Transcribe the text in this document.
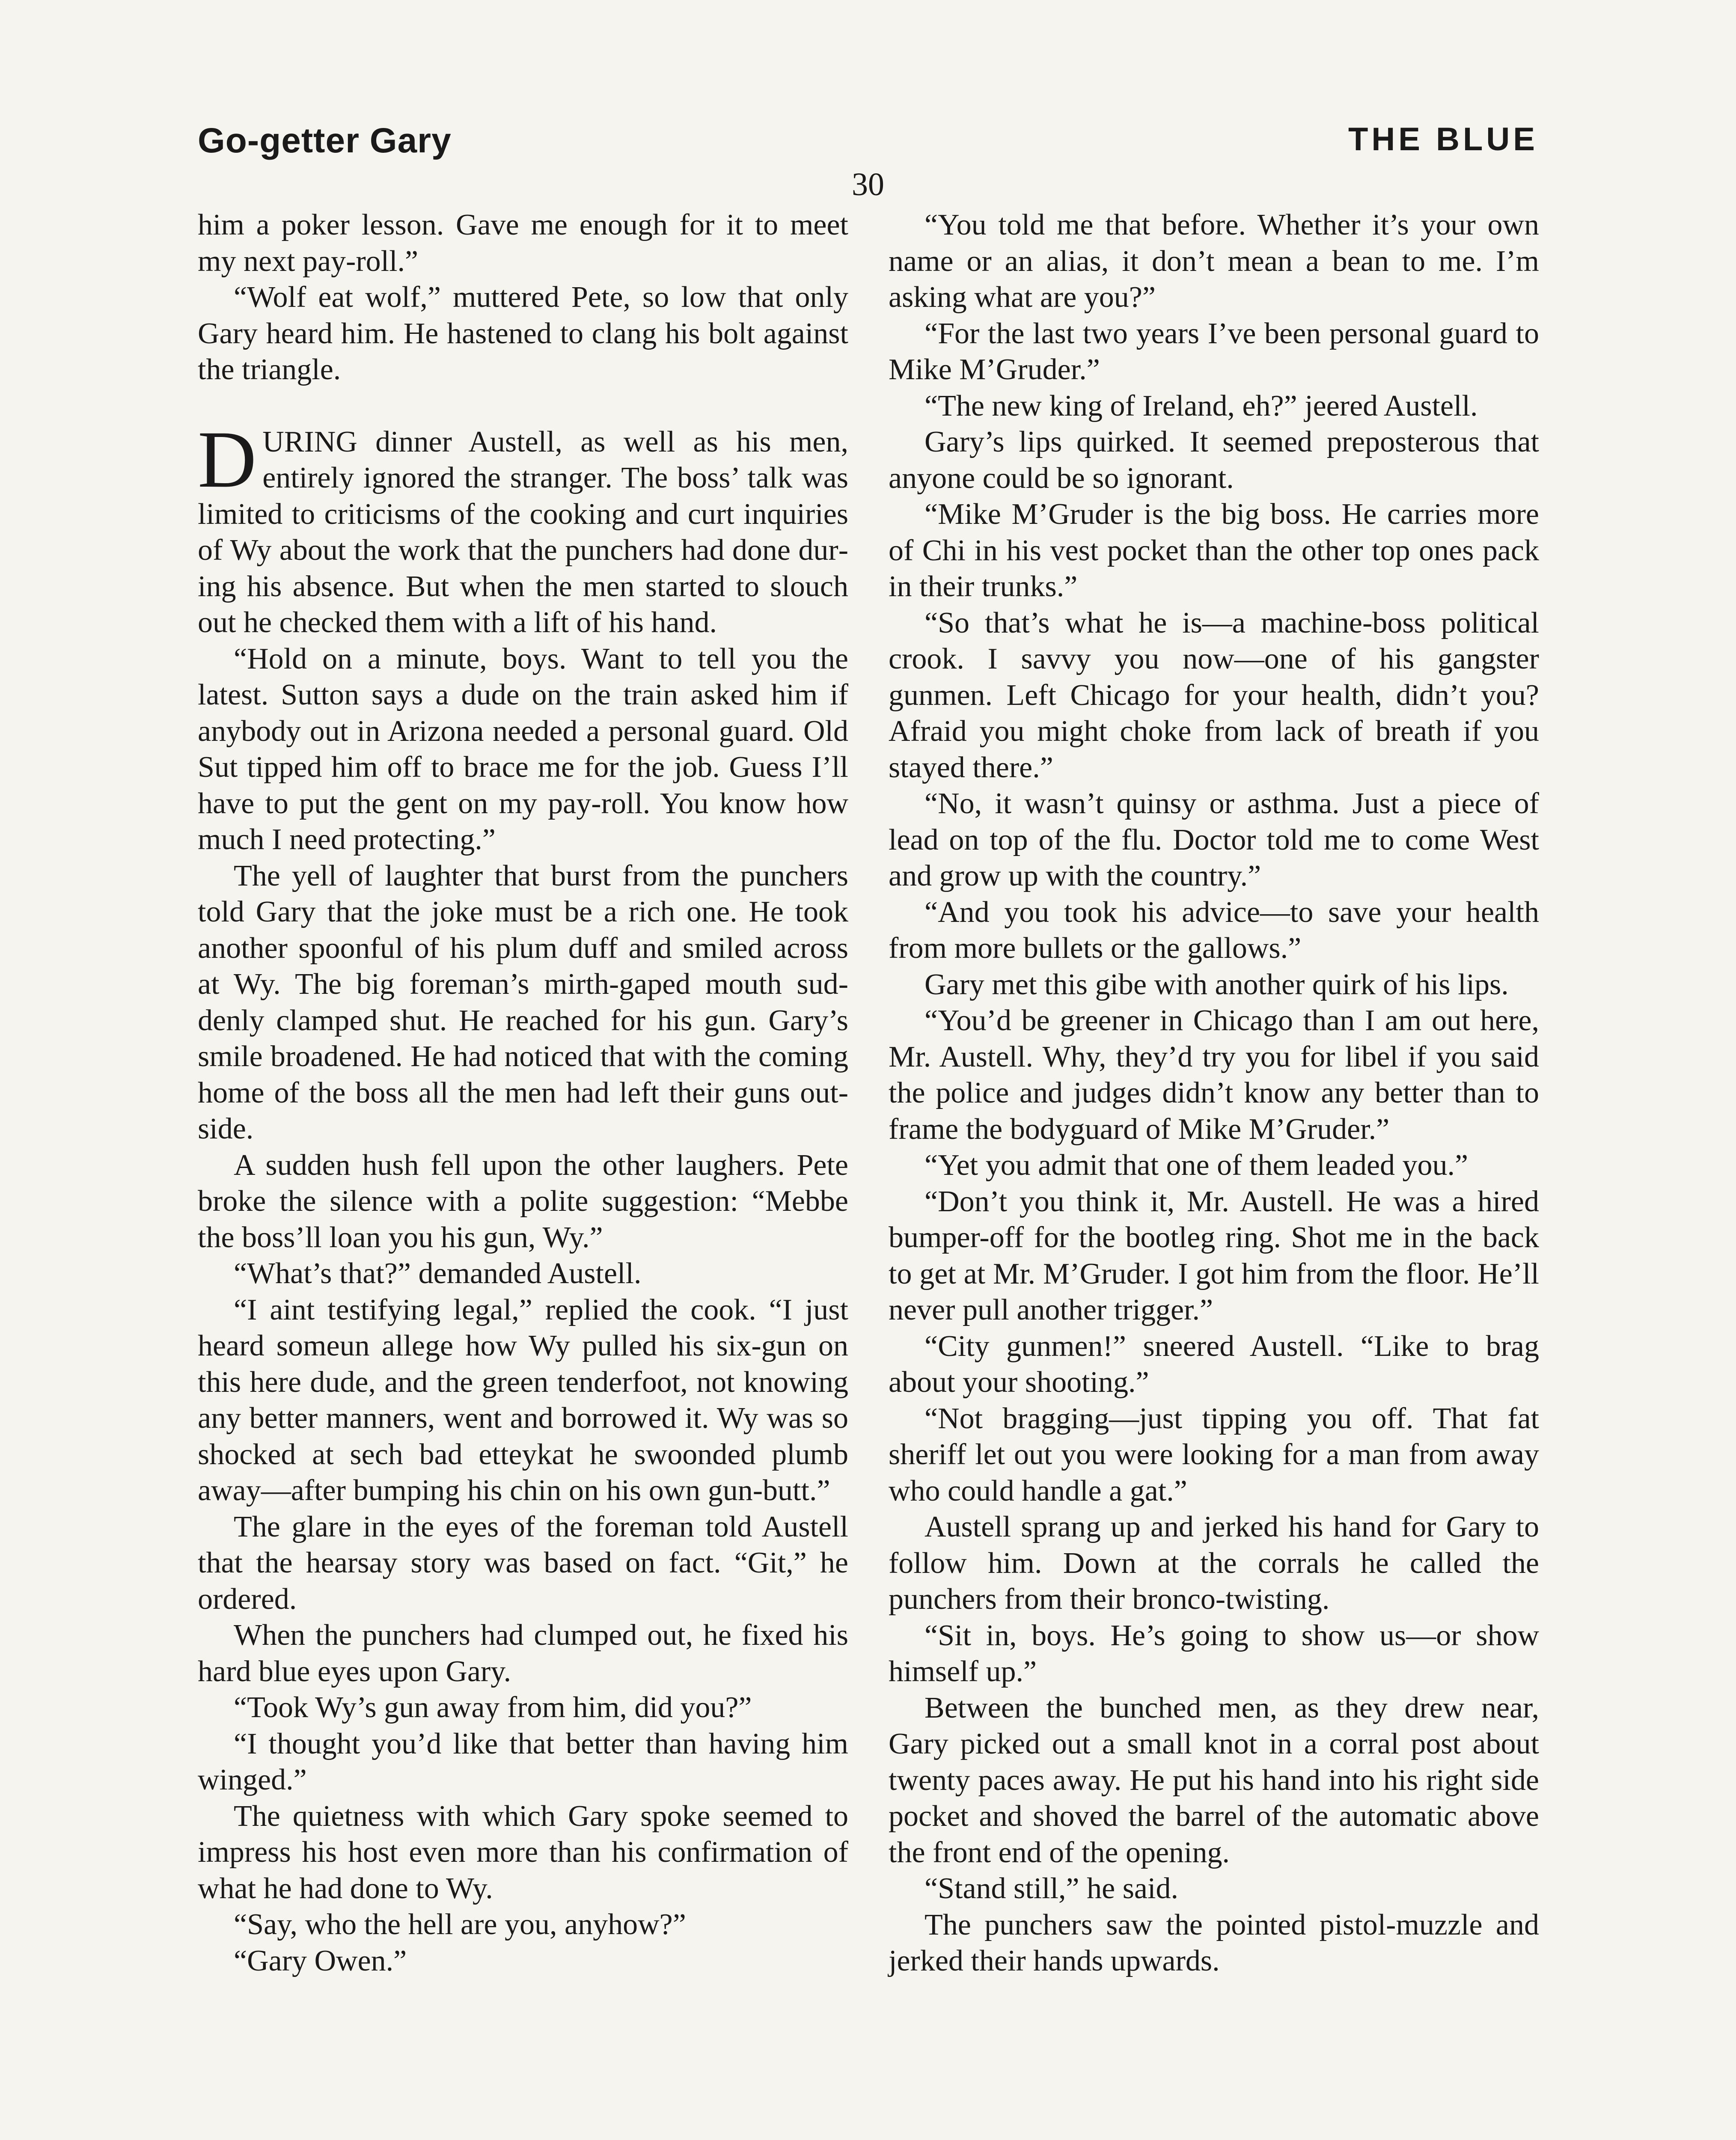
Go-getter Gary	THE BLUE
30

him a poker lesson. Gave me enough for it to meet my next pay-roll.”

“Wolf eat wolf,” muttered Pete, so low that only Gary heard him. He hastened to clang his bolt against the triangle.

DURING dinner Austell, as well as his men, entirely ignored the stranger. The boss’ talk was limited to criticisms of the cooking and curt inquiries of Wy about the work that the punchers had done during his absence. But when the men started to slouch out he checked them with a lift of his hand.

“Hold on a minute, boys. Want to tell you the latest. Sutton says a dude on the train asked him if anybody out in Arizona needed a personal guard. Old Sut tipped him off to brace me for the job. Guess I’ll have to put the gent on my pay-roll. You know how much I need protecting.”

The yell of laughter that burst from the punchers told Gary that the joke must be a rich one. He took another spoonful of his plum duff and smiled across at Wy. The big foreman’s mirth-gaped mouth suddenly clamped shut. He reached for his gun. Gary’s smile broadened. He had noticed that with the coming home of the boss all the men had left their guns outside.

A sudden hush fell upon the other laughers. Pete broke the silence with a polite suggestion: “Mebbe the boss’ll loan you his gun, Wy.”

“What’s that?” demanded Austell.

“I aint testifying legal,” replied the cook. “I just heard someun allege how Wy pulled his six-gun on this here dude, and the green tenderfoot, not knowing any better manners, went and borrowed it. Wy was so shocked at sech bad etteykat he swoonded plumb away—after bumping his chin on his own gun-butt.”

The glare in the eyes of the foreman told Austell that the hearsay story was based on fact. “Git,” he ordered.

When the punchers had clumped out, he fixed his hard blue eyes upon Gary.

“Took Wy’s gun away from him, did you?”

“I thought you’d like that better than having him winged.”

The quietness with which Gary spoke seemed to impress his host even more than his confirmation of what he had done to Wy.

“Say, who the hell are you, anyhow?”

“Gary Owen.”

“You told me that before. Whether it’s your own name or an alias, it don’t mean a bean to me. I’m asking what are you?”

“For the last two years I’ve been personal guard to Mike M’Gruder.”

“The new king of Ireland, eh?” jeered Austell.

Gary’s lips quirked. It seemed preposterous that anyone could be so ignorant.

“Mike M’Gruder is the big boss. He carries more of Chi in his vest pocket than the other top ones pack in their trunks.”

“So that’s what he is—a machine-boss political crook. I savvy you now—one of his gangster gunmen. Left Chicago for your health, didn’t you? Afraid you might choke from lack of breath if you stayed there.”

“No, it wasn’t quinsy or asthma. Just a piece of lead on top of the flu. Doctor told me to come West and grow up with the country.”

“And you took his advice—to save your health from more bullets or the gallows.”

Gary met this gibe with another quirk of his lips.

“You’d be greener in Chicago than I am out here, Mr. Austell. Why, they’d try you for libel if you said the police and judges didn’t know any better than to frame the bodyguard of Mike M’Gruder.”

“Yet you admit that one of them leaded you.”

“Don’t you think it, Mr. Austell. He was a hired bumper-off for the bootleg ring. Shot me in the back to get at Mr. M’Gruder. I got him from the floor. He’ll never pull another trigger.”

“City gunmen!” sneered Austell. “Like to brag about your shooting.”

“Not bragging—just tipping you off. That fat sheriff let out you were looking for a man from away who could handle a gat.”

Austell sprang up and jerked his hand for Gary to follow him. Down at the corrals he called the punchers from their bronco-twisting.

“Sit in, boys. He’s going to show us—or show himself up.”

Between the bunched men, as they drew near, Gary picked out a small knot in a corral post about twenty paces away. He put his hand into his right side pocket and shoved the barrel of the automatic above the front end of the opening.

“Stand still,” he said.

The punchers saw the pointed pistol-muzzle and jerked their hands upwards.
